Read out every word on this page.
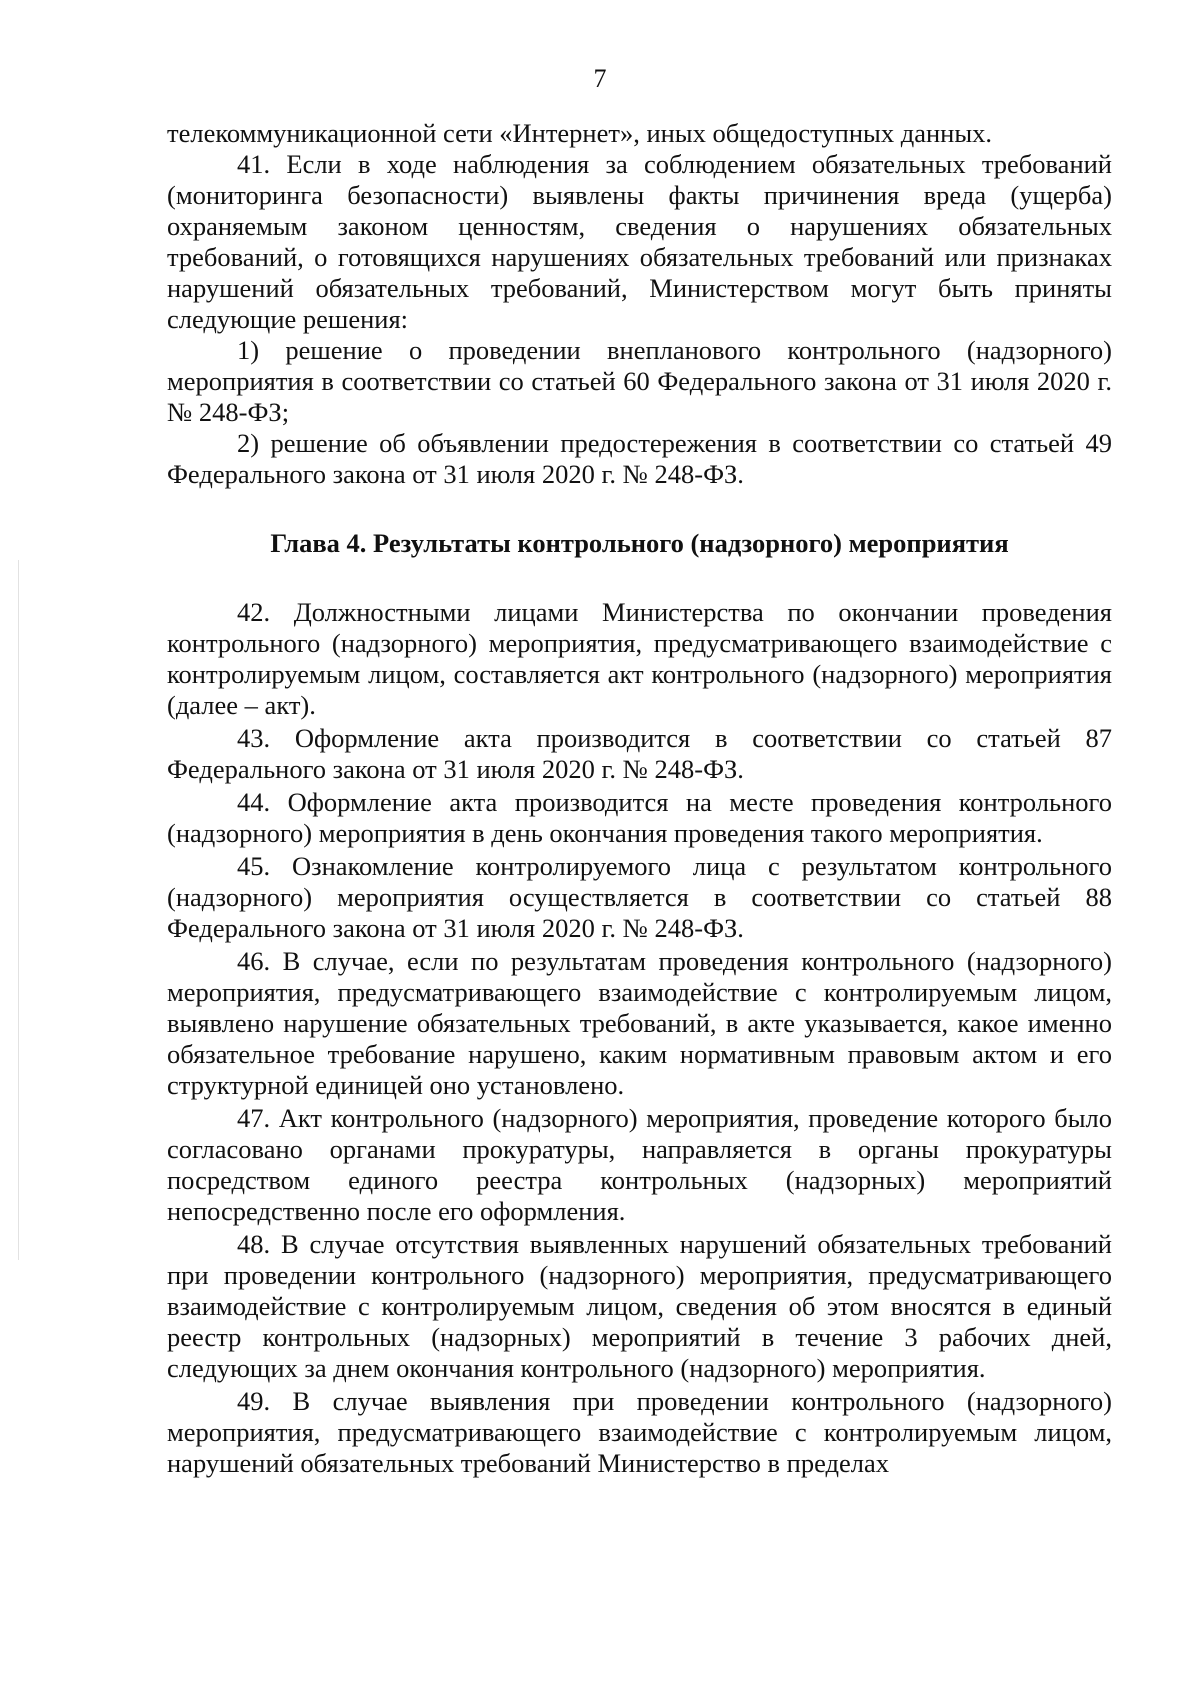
7

телекоммуникационной сети «Интернет», иных общедоступных данных.

41. Если в ходе наблюдения за соблюдением обязательных требований (мониторинга безопасности) выявлены факты причинения вреда (ущерба) охраняемым законом ценностям, сведения о нарушениях обязательных требований, о готовящихся нарушениях обязательных требований или признаках нарушений обязательных требований, Министерством могут быть приняты следующие решения:

1) решение о проведении внепланового контрольного (надзорного) мероприятия в соответствии со статьей 60 Федерального закона от 31 июля 2020 г. № 248-ФЗ;

2) решение об объявлении предостережения в соответствии со статьей 49 Федерального закона от 31 июля 2020 г. № 248-ФЗ.

Глава 4. Результаты контрольного (надзорного) мероприятия

42. Должностными лицами Министерства по окончании проведения контрольного (надзорного) мероприятия, предусматривающего взаимодействие с контролируемым лицом, составляется акт контрольного (надзорного) мероприятия (далее – акт).

43. Оформление акта производится в соответствии со статьей 87 Федерального закона от 31 июля 2020 г. № 248-ФЗ.

44. Оформление акта производится на месте проведения контрольного (надзорного) мероприятия в день окончания проведения такого мероприятия.

45. Ознакомление контролируемого лица с результатом контрольного (надзорного) мероприятия осуществляется в соответствии со статьей 88 Федерального закона от 31 июля 2020 г. № 248-ФЗ.

46. В случае, если по результатам проведения контрольного (надзорного) мероприятия, предусматривающего взаимодействие с контролируемым лицом, выявлено нарушение обязательных требований, в акте указывается, какое именно обязательное требование нарушено, каким нормативным правовым актом и его структурной единицей оно установлено.

47. Акт контрольного (надзорного) мероприятия, проведение которого было согласовано органами прокуратуры, направляется в органы прокуратуры посредством единого реестра контрольных (надзорных) мероприятий непосредственно после его оформления.

48. В случае отсутствия выявленных нарушений обязательных требований при проведении контрольного (надзорного) мероприятия, предусматривающего взаимодействие с контролируемым лицом, сведения об этом вносятся в единый реестр контрольных (надзорных) мероприятий в течение 3 рабочих дней, следующих за днем окончания контрольного (надзорного) мероприятия.

49. В случае выявления при проведении контрольного (надзорного) мероприятия, предусматривающего взаимодействие с контролируемым лицом, нарушений обязательных требований Министерство в пределах
